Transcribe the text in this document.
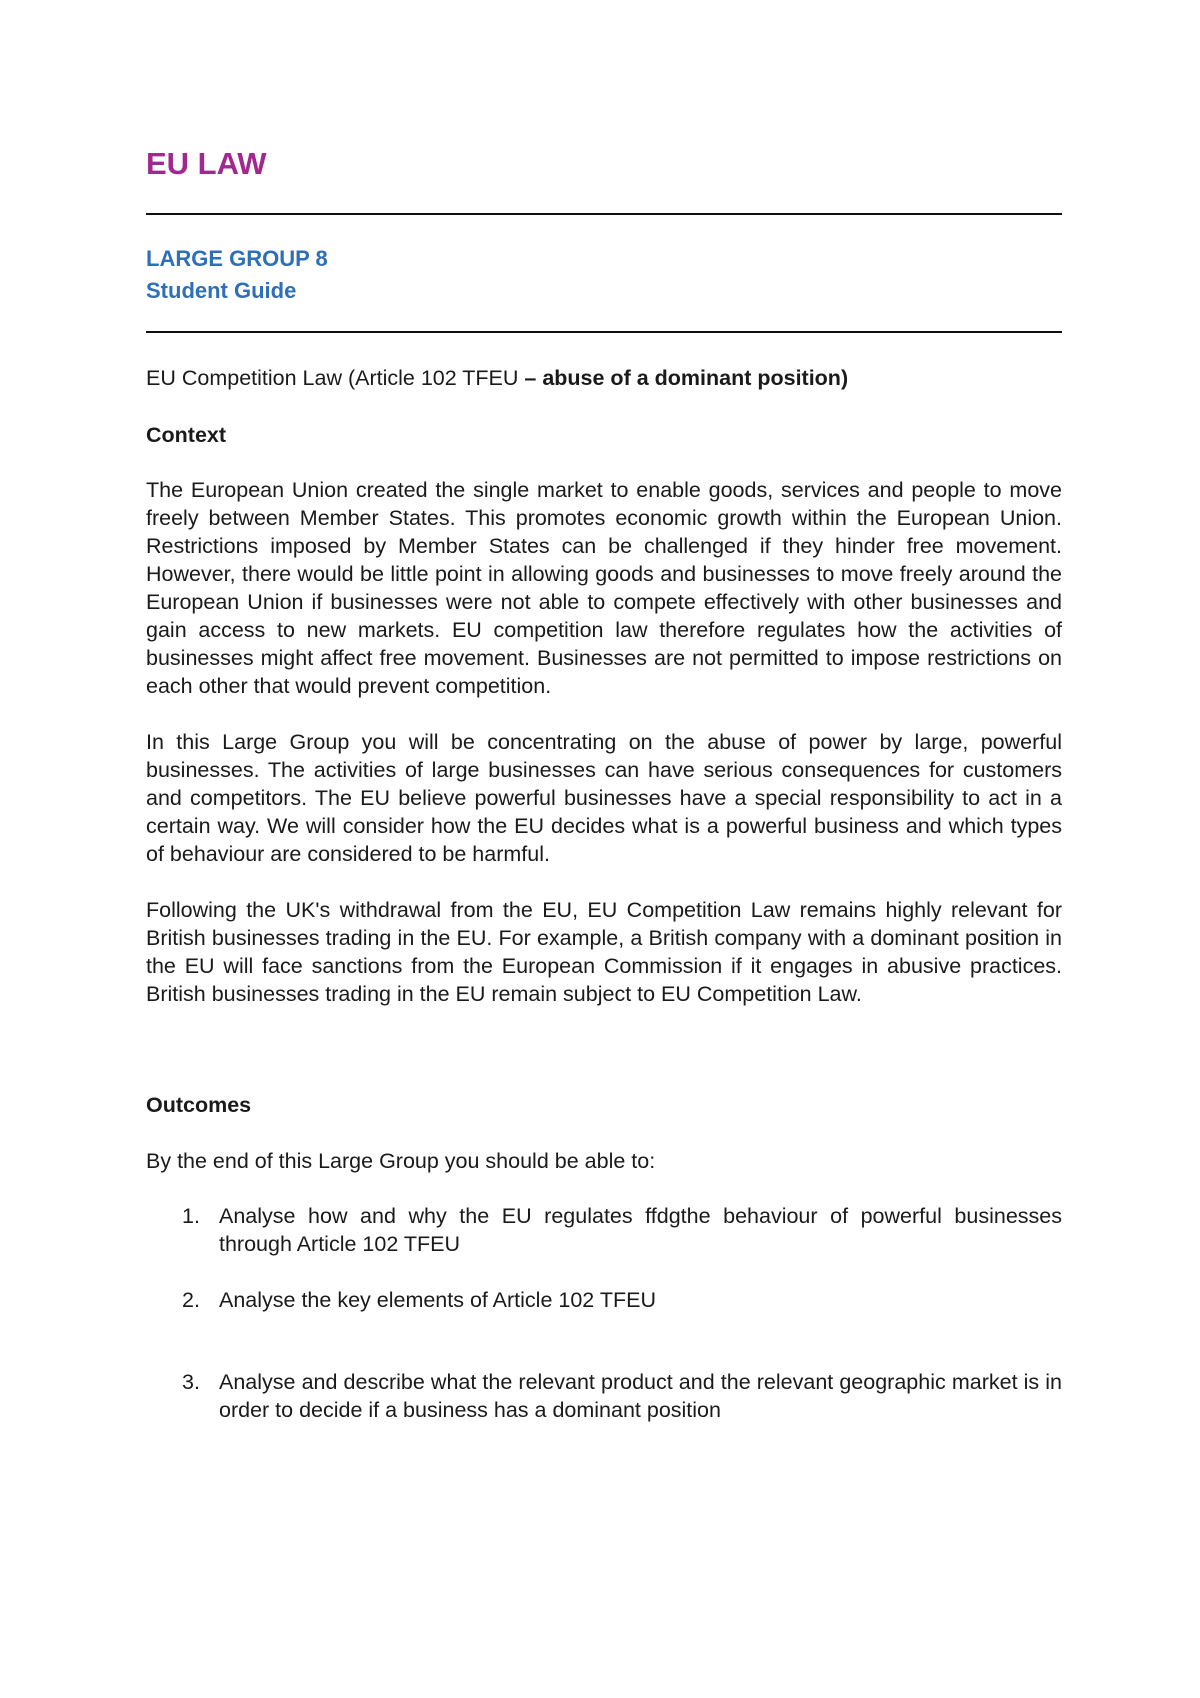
EU LAW
LARGE GROUP 8
Student Guide
EU Competition Law (Article 102 TFEU – abuse of a dominant position)

Context

The European Union created the single market to enable goods, services and people to move freely between Member States. This promotes economic growth within the European Union. Restrictions imposed by Member States can be challenged if they hinder free movement. However, there would be little point in allowing goods and businesses to move freely around the European Union if businesses were not able to compete effectively with other businesses and gain access to new markets. EU competition law therefore regulates how the activities of businesses might affect free movement. Businesses are not permitted to impose restrictions on each other that would prevent competition.

In this Large Group you will be concentrating on the abuse of power by large, powerful businesses. The activities of large businesses can have serious consequences for customers and competitors. The EU believe powerful businesses have a special responsibility to act in a certain way. We will consider how the EU decides what is a powerful business and which types of behaviour are considered to be harmful.

Following the UK's withdrawal from the EU, EU Competition Law remains highly relevant for British businesses trading in the EU. For example, a British company with a dominant position in the EU will face sanctions from the European Commission if it engages in abusive practices. British businesses trading in the EU remain subject to EU Competition Law.

Outcomes

By the end of this Large Group you should be able to:

1. Analyse how and why the EU regulates ffdgthe behaviour of powerful businesses through Article 102 TFEU
2. Analyse the key elements of Article 102 TFEU
3. Analyse and describe what the relevant product and the relevant geographic market is in order to decide if a business has a dominant position
